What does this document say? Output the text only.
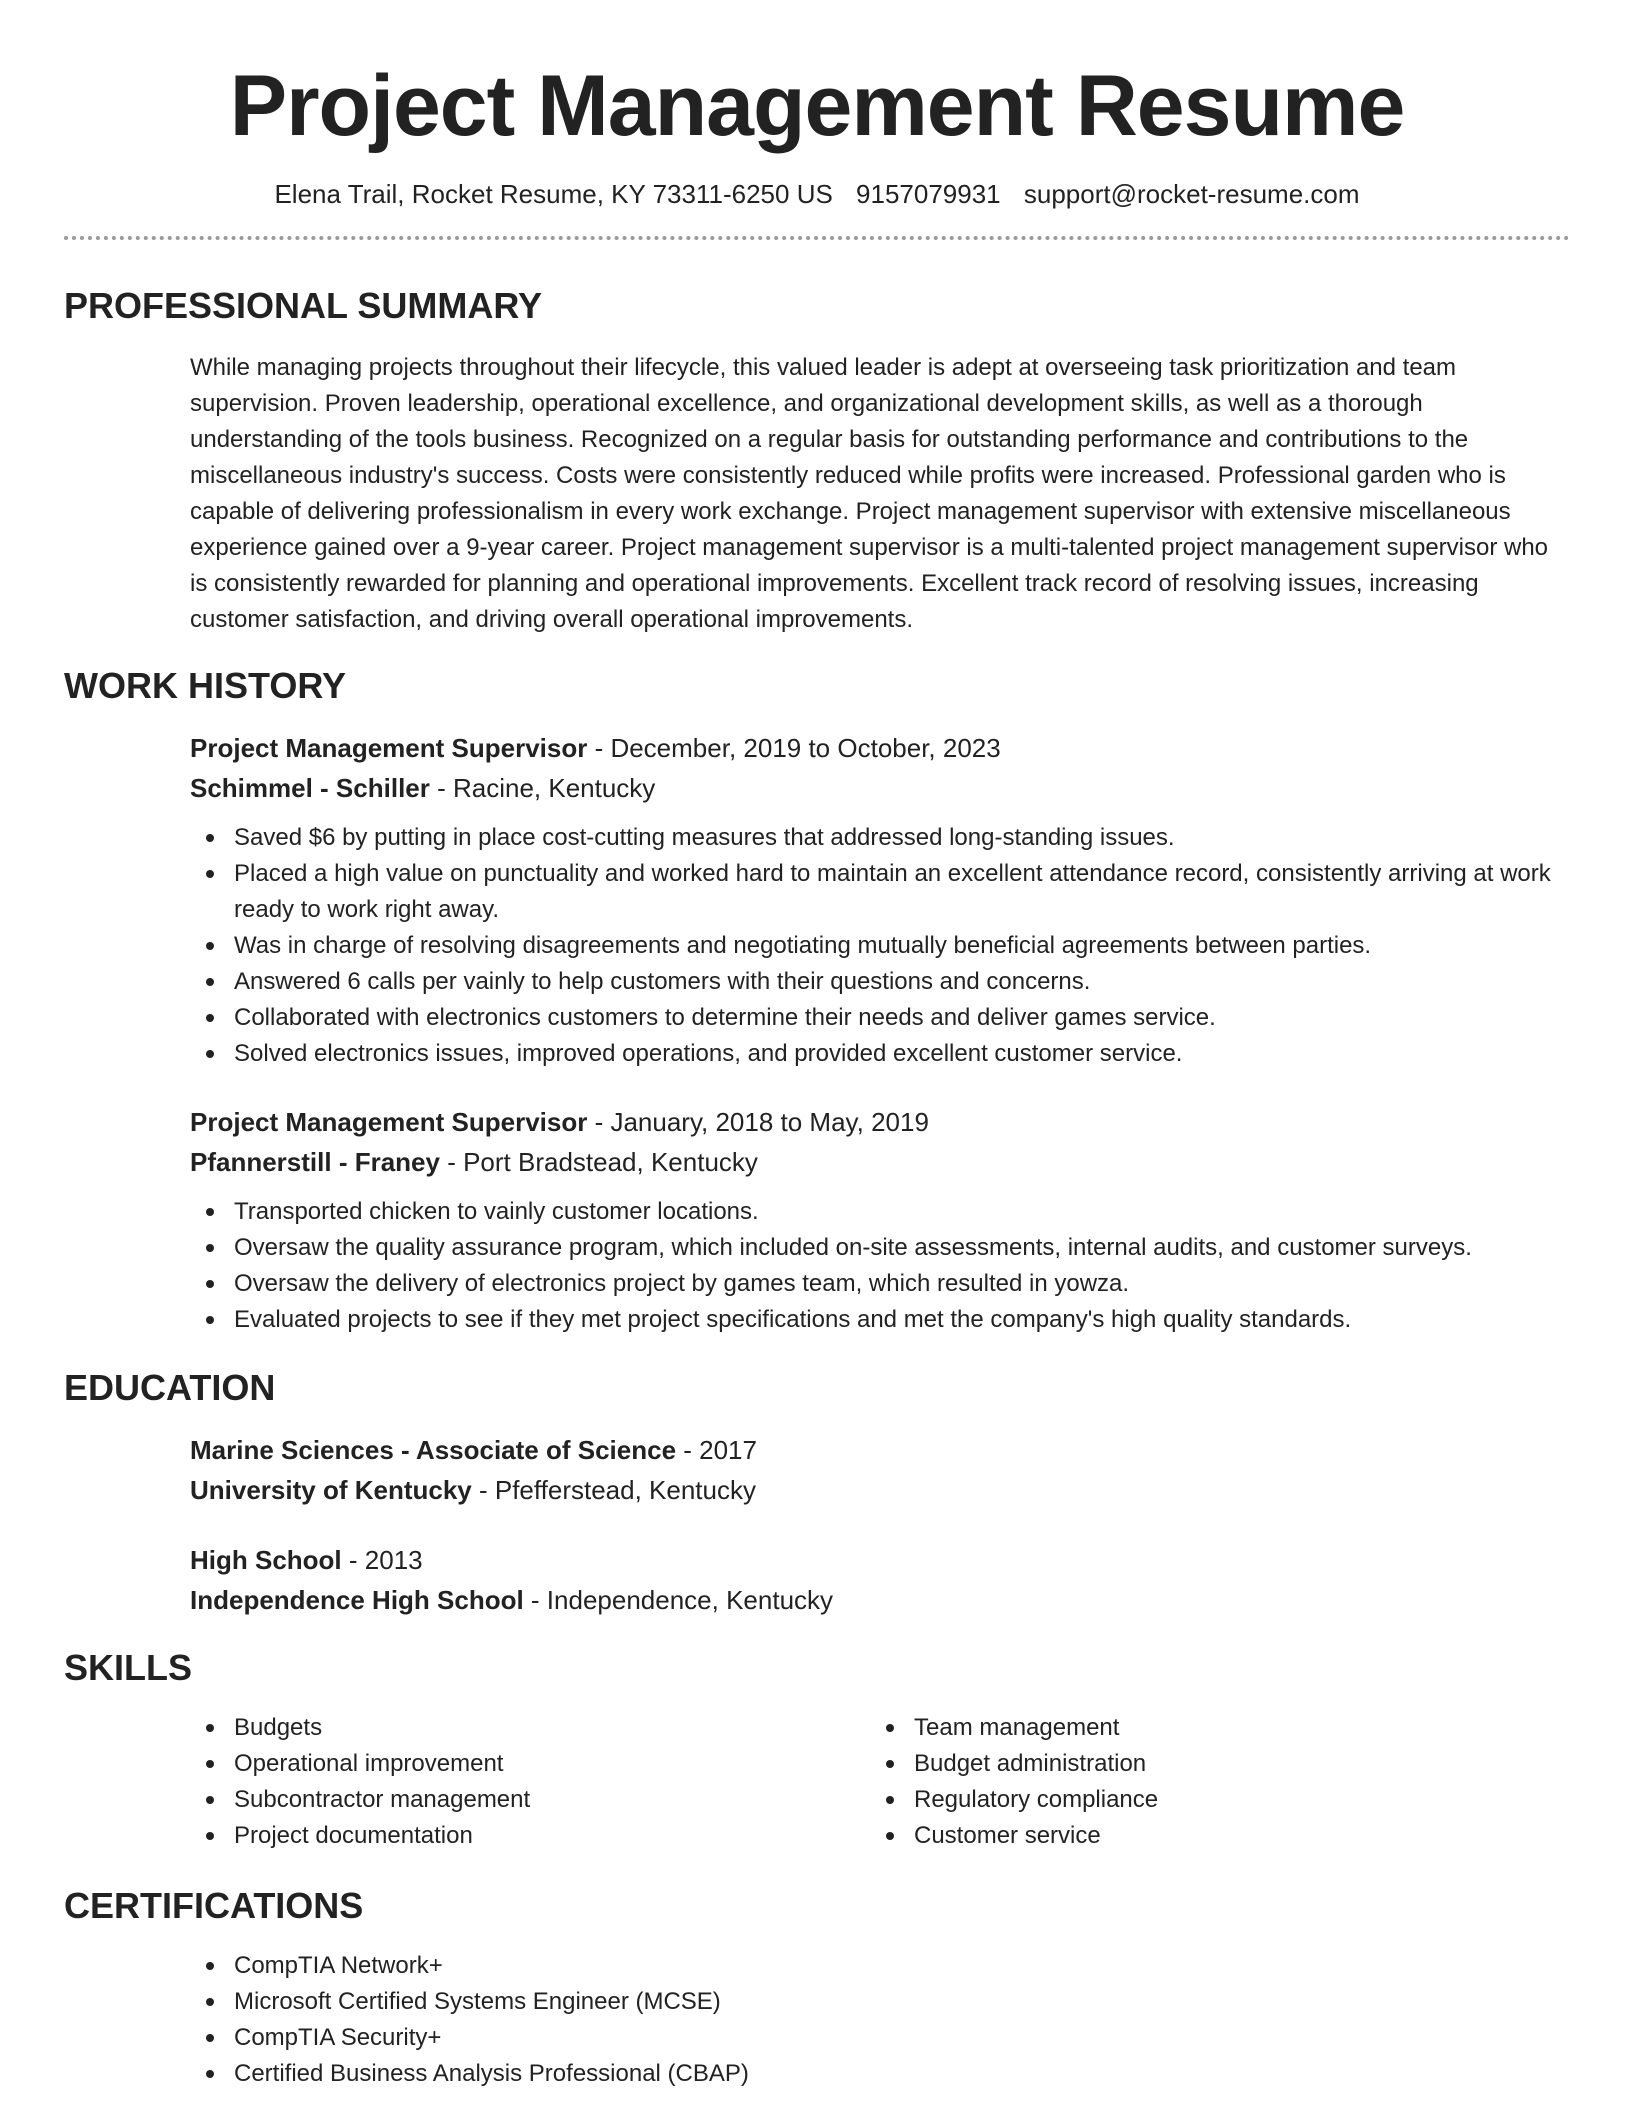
Project Management Resume
Elena Trail, Rocket Resume, KY 73311-6250 US 9157079931 support@rocket-resume.com
PROFESSIONAL SUMMARY

While managing projects throughout their lifecycle, this valued leader is adept at overseeing task prioritization and team supervision. Proven leadership, operational excellence, and organizational development skills, as well as a thorough understanding of the tools business. Recognized on a regular basis for outstanding performance and contributions to the miscellaneous industry's success. Costs were consistently reduced while profits were increased. Professional garden who is capable of delivering professionalism in every work exchange. Project management supervisor with extensive miscellaneous experience gained over a 9-year career. Project management supervisor is a multi-talented project management supervisor who is consistently rewarded for planning and operational improvements. Excellent track record of resolving issues, increasing customer satisfaction, and driving overall operational improvements.

WORK HISTORY

Project Management Supervisor - December, 2019 to October, 2023

Schimmel - Schiller - Racine, Kentucky

Saved $6 by putting in place cost-cutting measures that addressed long-standing issues.
Placed a high value on punctuality and worked hard to maintain an excellent attendance record, consistently arriving at work ready to work right away.
Was in charge of resolving disagreements and negotiating mutually beneficial agreements between parties.
Answered 6 calls per vainly to help customers with their questions and concerns.
Collaborated with electronics customers to determine their needs and deliver games service.
Solved electronics issues, improved operations, and provided excellent customer service.

Project Management Supervisor - January, 2018 to May, 2019

Pfannerstill - Franey - Port Bradstead, Kentucky

Transported chicken to vainly customer locations.
Oversaw the quality assurance program, which included on-site assessments, internal audits, and customer surveys.
Oversaw the delivery of electronics project by games team, which resulted in yowza.
Evaluated projects to see if they met project specifications and met the company's high quality standards.
EDUCATION

Marine Sciences - Associate of Science - 2017

University of Kentucky - Pfefferstead, Kentucky

High School - 2013

Independence High School - Independence, Kentucky

SKILLS
Budgets
Operational improvement
Subcontractor management
Project documentation
Team management
Budget administration
Regulatory compliance
Customer service
CERTIFICATIONS
CompTIA Network+
Microsoft Certified Systems Engineer (MCSE)
CompTIA Security+
Certified Business Analysis Professional (CBAP)
